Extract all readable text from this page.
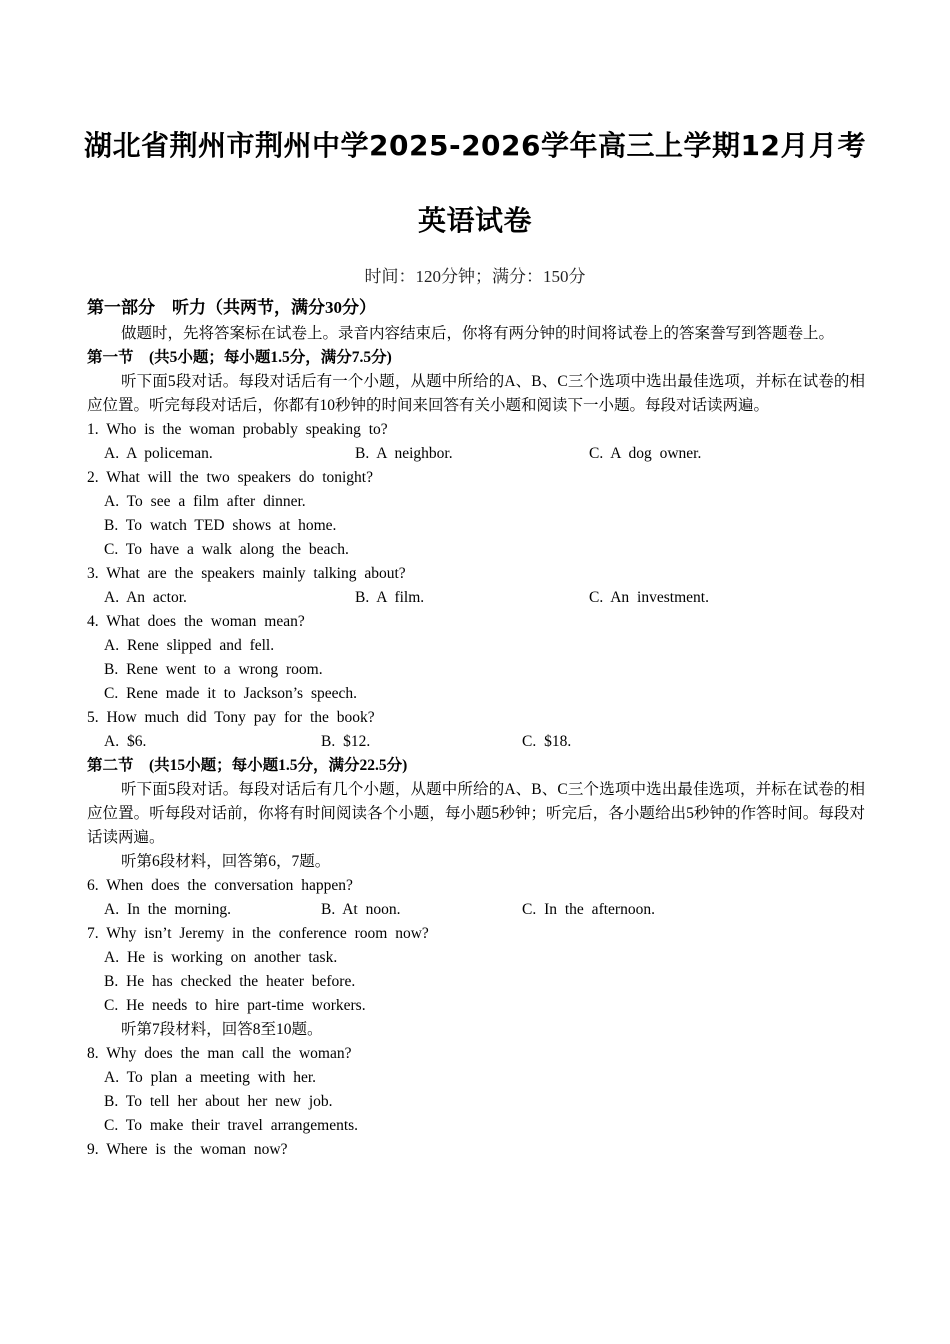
湖北省荆州市荆州中学2025-2026学年高三上学期12月月考
英语试卷
时间：120分钟；满分：150分
第一部分　听力（共两节，满分30分）
做题时，先将答案标在试卷上。录音内容结束后，你将有两分钟的时间将试卷上的答案誊写到答题卷上。
第一节　(共5小题；每小题1.5分，满分7.5分)
听下面5段对话。每段对话后有一个小题，从题中所给的A、B、C三个选项中选出最佳选项，并标在试卷的相应位置。听完每段对话后，你都有10秒钟的时间来回答有关小题和阅读下一小题。每段对话读两遍。
1. Who is the woman probably speaking to?
A. A policeman.	B. A neighbor.	C. A dog owner.
2. What will the two speakers do tonight?
A. To see a film after dinner.
B. To watch TED shows at home.
C. To have a walk along the beach.
3. What are the speakers mainly talking about?
A. An actor.	B. A film.	C. An investment.
4. What does the woman mean?
A. Rene slipped and fell.
B. Rene went to a wrong room.
C. Rene made it to Jackson’s speech.
5. How much did Tony pay for the book?
A. $6.	B. $12.	C. $18.
第二节　(共15小题；每小题1.5分，满分22.5分)
听下面5段对话。每段对话后有几个小题，从题中所给的A、B、C三个选项中选出最佳选项，并标在试卷的相应位置。听每段对话前，你将有时间阅读各个小题，每小题5秒钟；听完后，各小题给出5秒钟的作答时间。每段对话读两遍。
听第6段材料，回答第6，7题。
6. When does the conversation happen?
A. In the morning.	B. At noon.	C. In the afternoon.
7. Why isn’t Jeremy in the conference room now?
A. He is working on another task.
B. He has checked the heater before.
C. He needs to hire part-time workers.
听第7段材料，回答8至10题。
8. Why does the man call the woman?
A. To plan a meeting with her.
B. To tell her about her new job.
C. To make their travel arrangements.
9. Where is the woman now?
